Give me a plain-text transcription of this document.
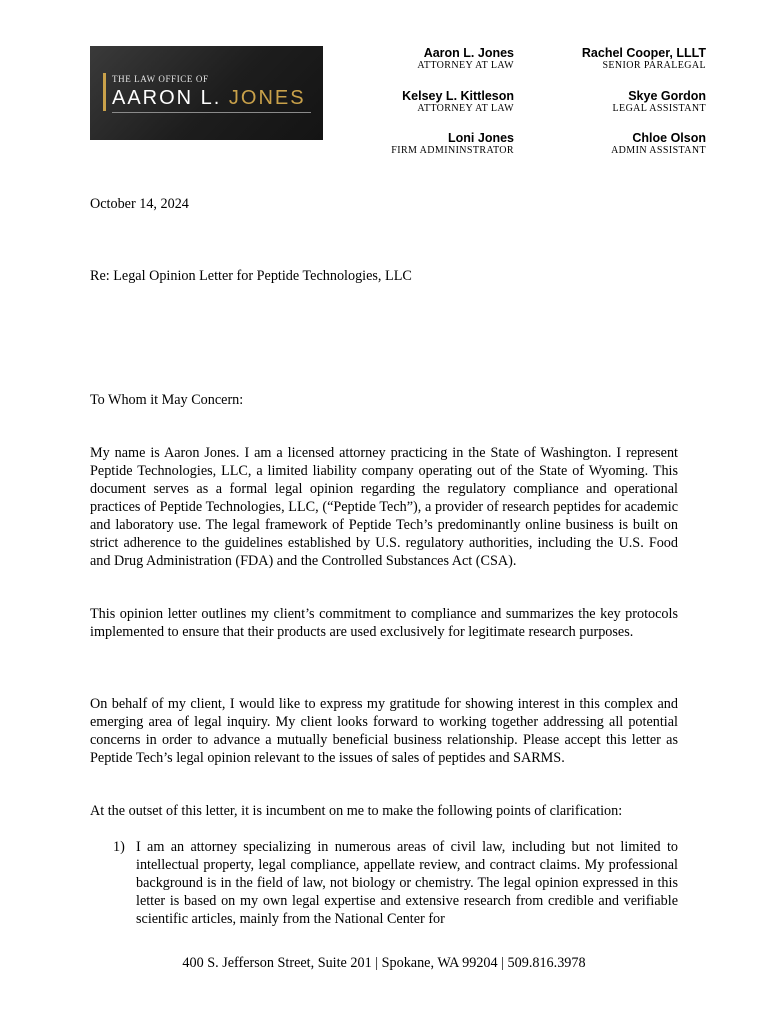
THE LAW OFFICE OF
AARON L. JONES
Aaron L. Jones
ATTORNEY AT LAW
Rachel Cooper, LLLT
SENIOR PARALEGAL
Kelsey L. Kittleson
ATTORNEY AT LAW
Skye Gordon
LEGAL ASSISTANT
Loni Jones
FIRM ADMININSTRATOR
Chloe Olson
ADMIN ASSISTANT
October 14, 2024
Re: Legal Opinion Letter for Peptide Technologies, LLC
To Whom it May Concern:
My name is Aaron Jones. I am a licensed attorney practicing in the State of Washington. I represent Peptide Technologies, LLC, a limited liability company operating out of the State of Wyoming. This document serves as a formal legal opinion regarding the regulatory compliance and operational practices of Peptide Technologies, LLC, (“Peptide Tech”), a provider of research peptides for academic and laboratory use. The legal framework of Peptide Tech’s predominantly online business is built on strict adherence to the guidelines established by U.S. regulatory authorities, including the U.S. Food and Drug Administration (FDA) and the Controlled Substances Act (CSA).
This opinion letter outlines my client’s commitment to compliance and summarizes the key protocols implemented to ensure that their products are used exclusively for legitimate research purposes.
On behalf of my client, I would like to express my gratitude for showing interest in this complex and emerging area of legal inquiry. My client looks forward to working together addressing all potential concerns in order to advance a mutually beneficial business relationship. Please accept this letter as Peptide Tech’s legal opinion relevant to the issues of sales of peptides and SARMS.
At the outset of this letter, it is incumbent on me to make the following points of clarification:
1) I am an attorney specializing in numerous areas of civil law, including but not limited to intellectual property, legal compliance, appellate review, and contract claims. My professional background is in the field of law, not biology or chemistry. The legal opinion expressed in this letter is based on my own legal expertise and extensive research from credible and verifiable scientific articles, mainly from the National Center for
400 S. Jefferson Street, Suite 201 | Spokane, WA 99204 | 509.816.3978
